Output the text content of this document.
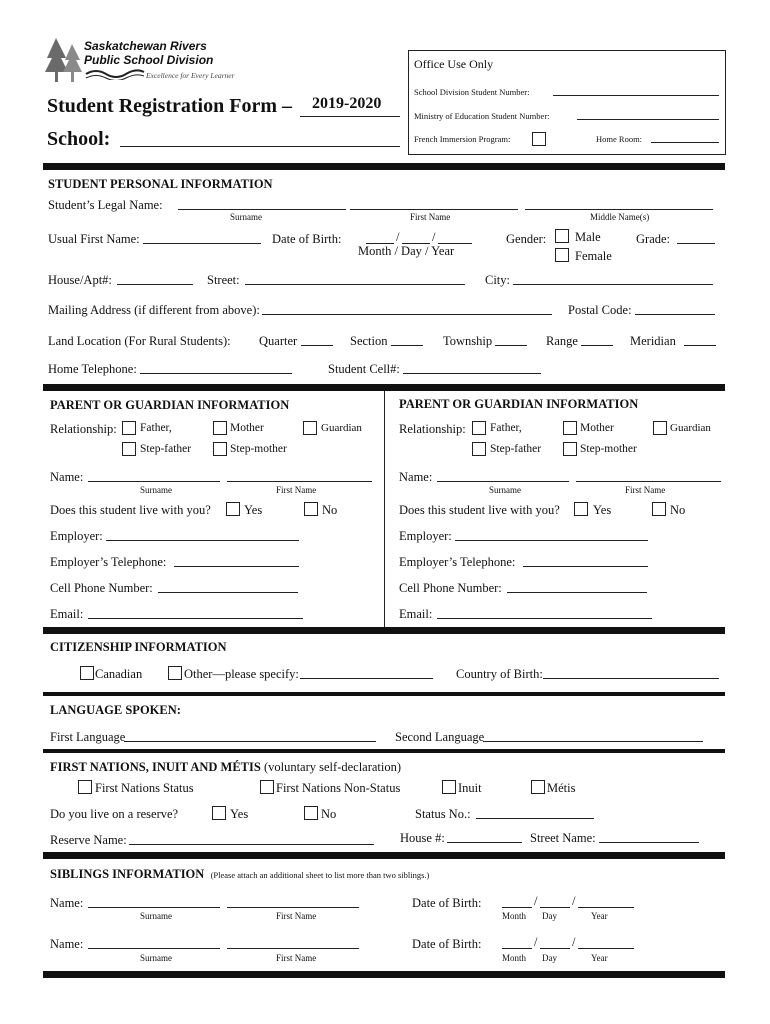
Saskatchewan Rivers
Public School Division
Excellence for Every Learner
Student Registration Form – 2019-2020
School:
Office Use Only
School Division Student Number:
Ministry of Education Student Number:
French Immersion Program:	Home Room:
STUDENT PERSONAL INFORMATION
Student’s Legal Name:
Surname	First Name	Middle Name(s)
Usual First Name:	Date of Birth:	/	/
Month / Day / Year
Gender: Male
Female
Grade:
House/Apt#:	Street:	City:
Mailing Address (if different from above):	Postal Code:
Land Location (For Rural Students): Quarter	Section	Township	Range	Meridian
Home Telephone:	Student Cell#:
PARENT OR GUARDIAN INFORMATION
Relationship: Father,	Mother	Guardian
Step-father	Step-mother
Name:
Surname	First Name
Does this student live with you?	Yes	No
Employer:
Employer’s Telephone:
Cell Phone Number:
Email:
PARENT OR GUARDIAN INFORMATION
Relationship: Father,	Mother	Guardian
Step-father	Step-mother
Name:
Surname	First Name
Does this student live with you?	Yes	No
Employer:
Employer’s Telephone:
Cell Phone Number:
Email:
CITIZENSHIP INFORMATION
Canadian	Other—please specify:	Country of Birth:
LANGUAGE SPOKEN:
First Language	Second Language
FIRST NATIONS, INUIT AND MÉTIS (voluntary self-declaration)
First Nations Status	First Nations Non-Status	Inuit	Métis
Do you live on a reserve?	Yes	No	Status No.:
Reserve Name:	House #:	Street Name:
SIBLINGS INFORMATION (Please attach an additional sheet to list more than two siblings.)
Name:
Surname	First Name
Date of Birth:	/	/
Month Day	Year
Name:
Surname	First Name
Date of Birth:	/	/
Month Day	Year
